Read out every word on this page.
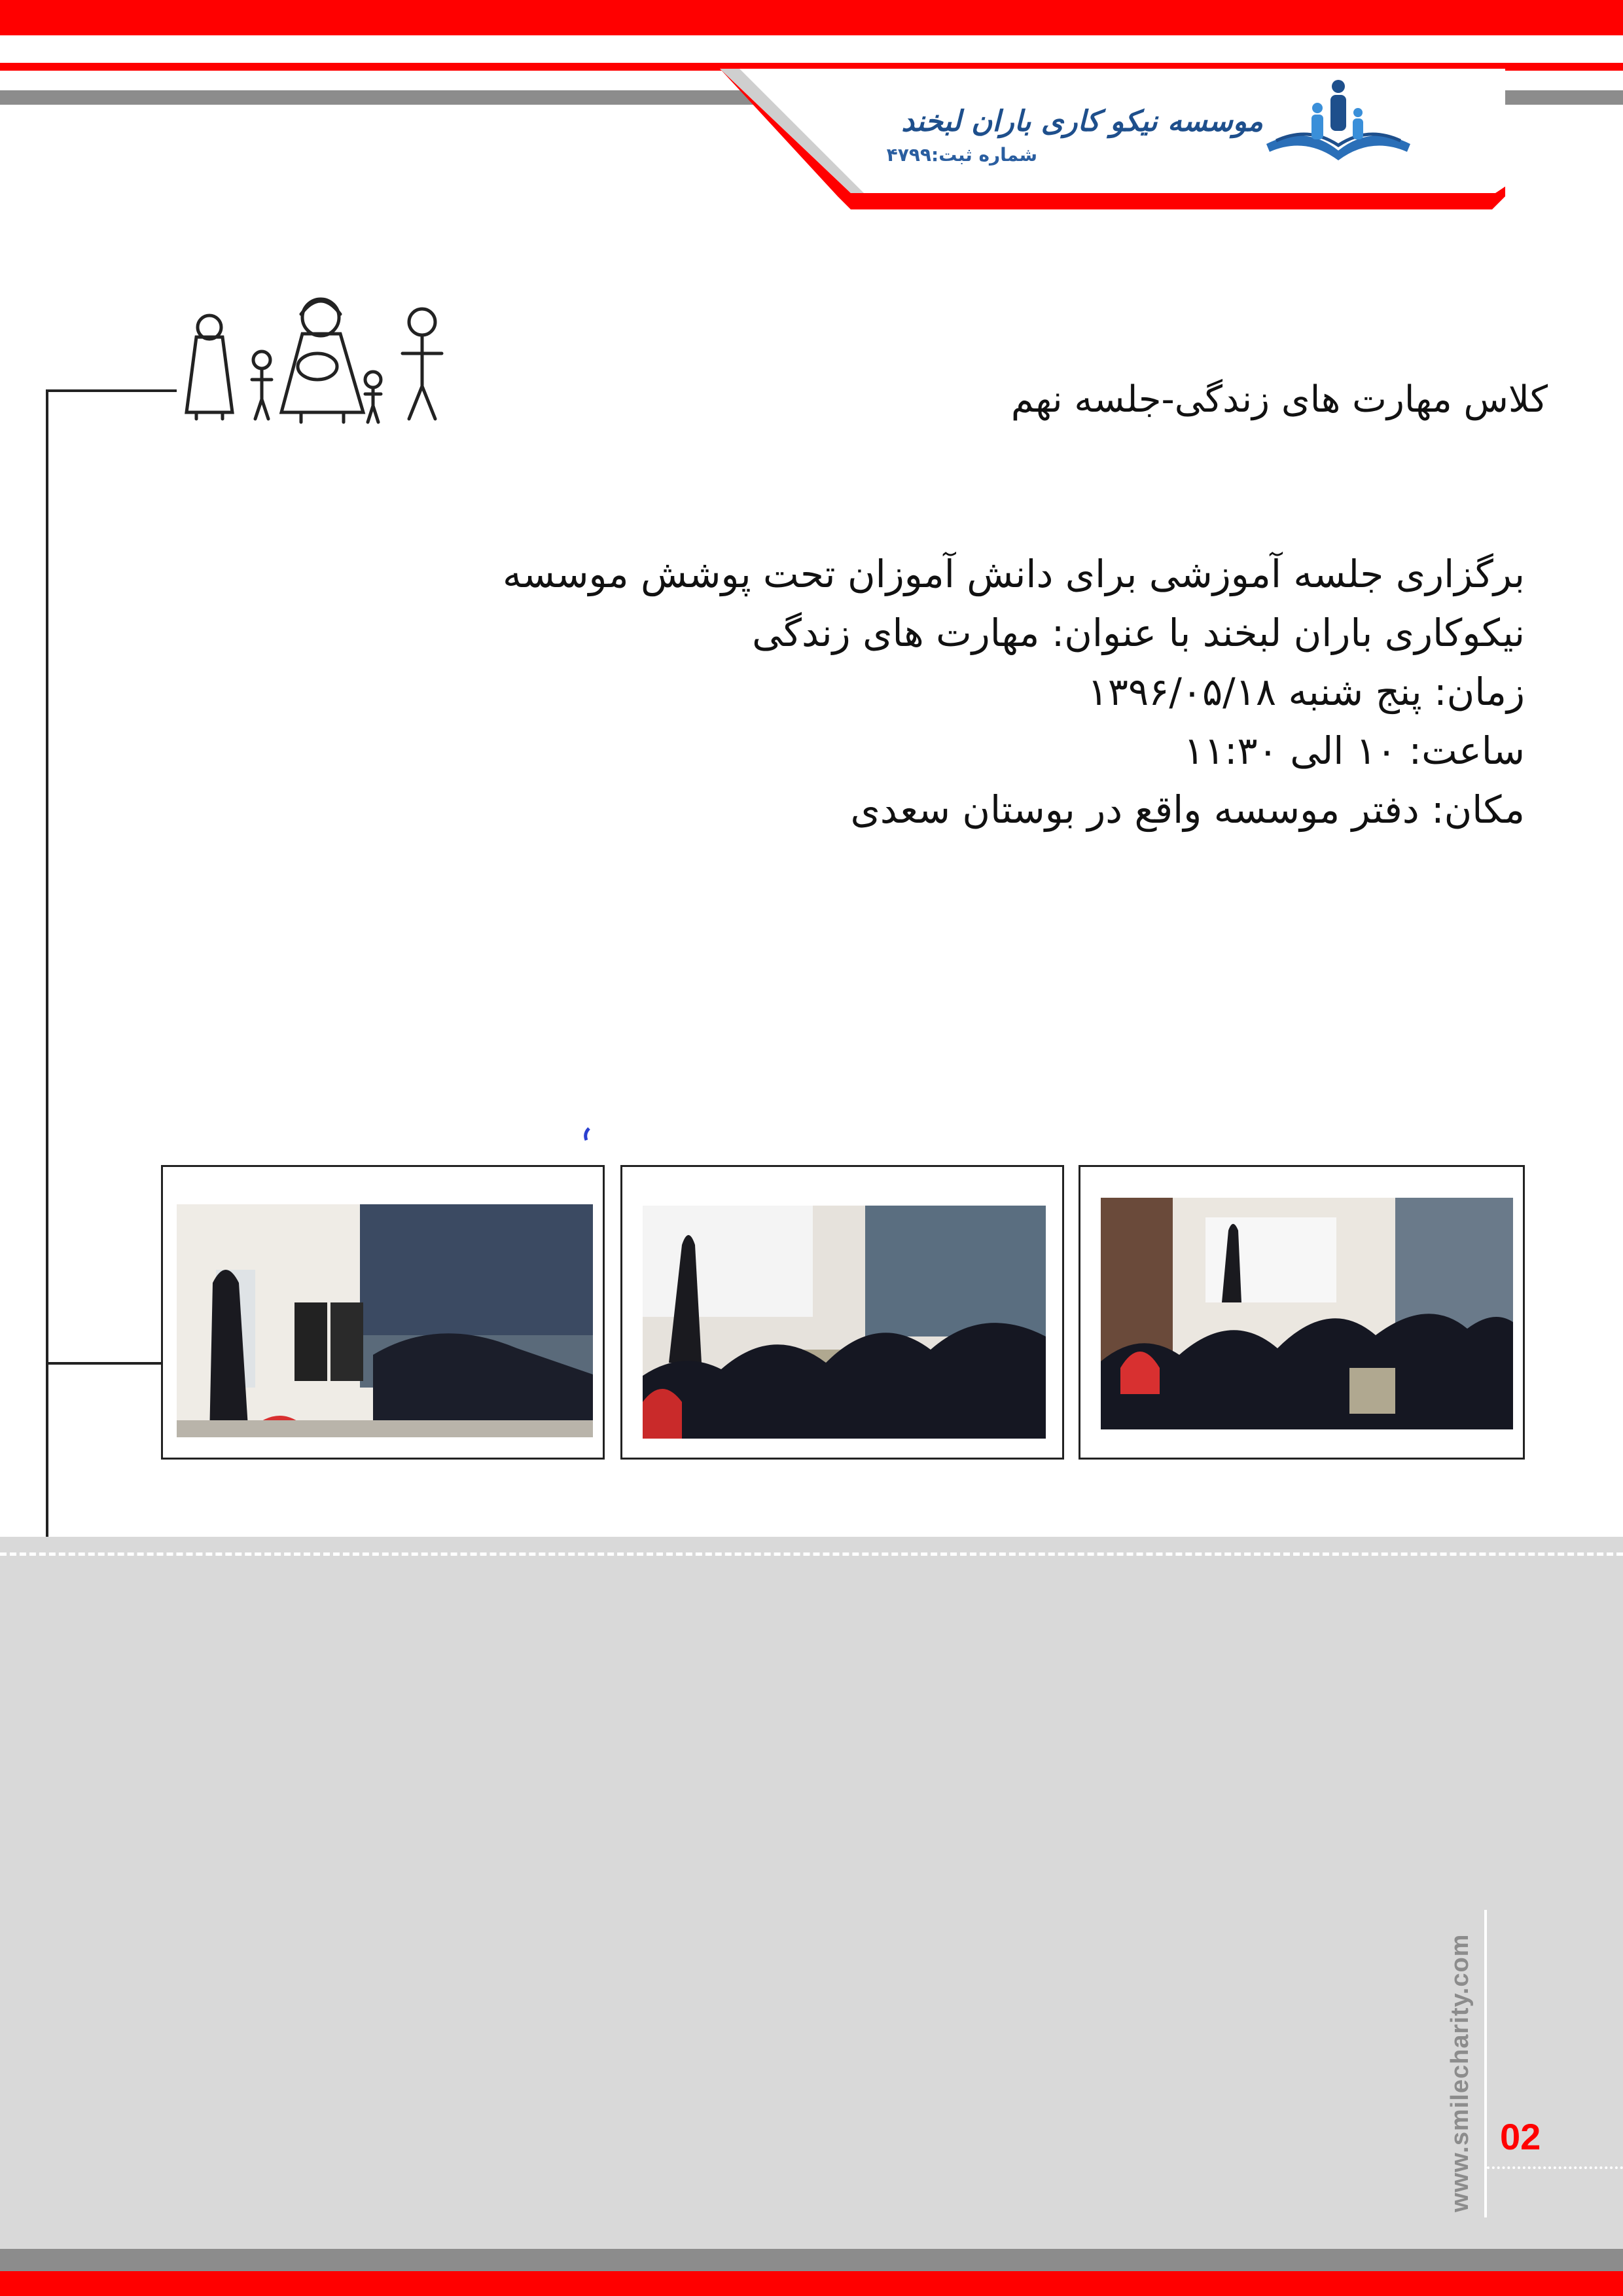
موسسه نیکو کاری باران لبخند
شماره ثبت:۴۷۹۹
کلاس مهارت های زندگی-جلسه نهم
برگزاری جلسه آموزشی برای دانش آموزان تحت پوشش موسسه
نیکوکاری باران لبخند با عنوان: مهارت های زندگی
زمان: پنج شنبه ۱۳۹۶/۰۵/۱۸
ساعت: ۱۰ الی ۱۱:۳۰
مکان: دفتر موسسه واقع در بوستان سعدی
www.smilecharity.com 02
